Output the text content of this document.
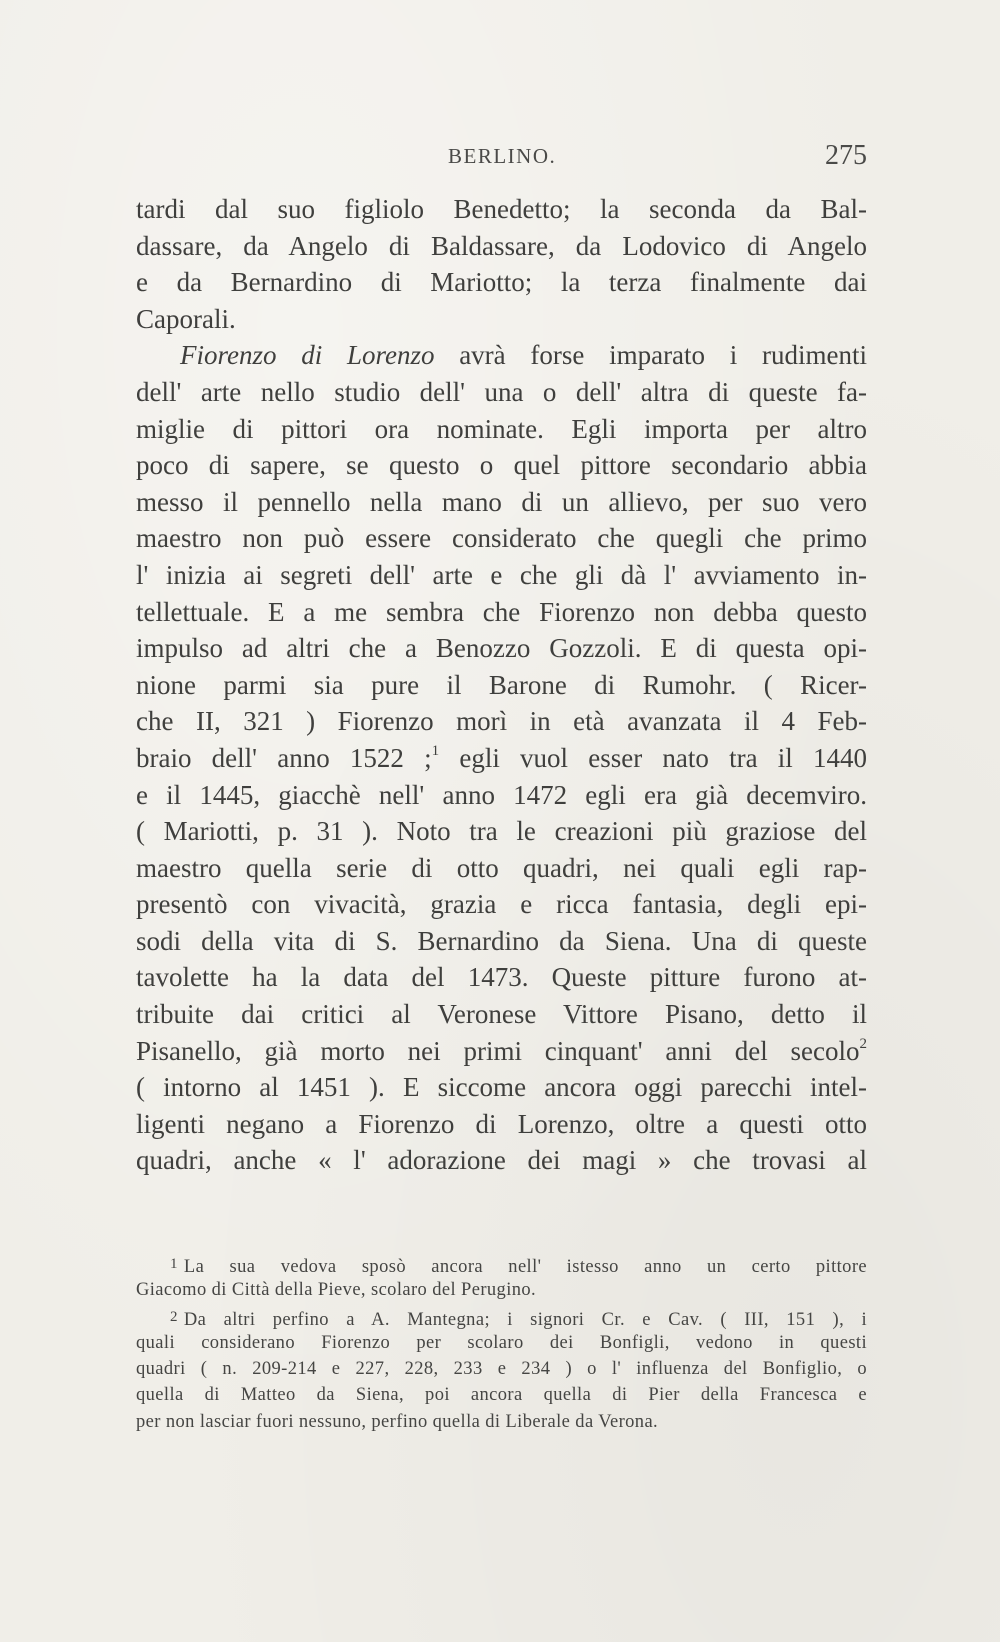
BERLINO.	275
tardi dal suo figliolo Benedetto; la seconda da Bal-
dassare, da Angelo di Baldassare, da Lodovico di Angelo
e da Bernardino di Mariotto; la terza finalmente dai
Caporali.
Fiorenzo di Lorenzo avrà forse imparato i rudimenti
dell' arte nello studio dell' una o dell' altra di queste fa-
miglie di pittori ora nominate. Egli importa per altro
poco di sapere, se questo o quel pittore secondario abbia
messo il pennello nella mano di un allievo, per suo vero
maestro non può essere considerato che quegli che primo
l' inizia ai segreti dell' arte e che gli dà l' avviamento in-
tellettuale. E a me sembra che Fiorenzo non debba questo
impulso ad altri che a Benozzo Gozzoli. E di questa opi-
nione parmi sia pure il Barone di Rumohr. ( Ricer-
che II, 321 ) Fiorenzo morì in età avanzata il 4 Feb-
braio dell' anno 1522 ;$^1$ egli vuol esser nato tra il 1440
e il 1445, giacchè nell' anno 1472 egli era già decemviro.
( Mariotti, p. 31 ). Noto tra le creazioni più graziose del
maestro quella serie di otto quadri, nei quali egli rap-
presentò con vivacità, grazia e ricca fantasia, degli epi-
sodi della vita di S. Bernardino da Siena. Una di queste
tavolette ha la data del 1473. Queste pitture furono at-
tribuite dai critici al Veronese Vittore Pisano, detto il
Pisanello, già morto nei primi cinquant' anni del secolo$^2$
( intorno al 1451 ). E siccome ancora oggi parecchi intel-
ligenti negano a Fiorenzo di Lorenzo, oltre a questi otto
quadri, anche « l' adorazione dei magi » che trovasi al
$^1$ La sua vedova sposò ancora nell' istesso anno un certo pittore
Giacomo di Città della Pieve, scolaro del Perugino.
$^2$ Da altri perfino a A. Mantegna; i signori Cr. e Cav. ( III, 151 ), i
quali considerano Fiorenzo per scolaro dei Bonfigli, vedono in questi
quadri ( n. 209-214 e 227, 228, 233 e 234 ) o l' influenza del Bonfiglio, o
quella di Matteo da Siena, poi ancora quella di Pier della Francesca e
per non lasciar fuori nessuno, perfino quella di Liberale da Verona.
